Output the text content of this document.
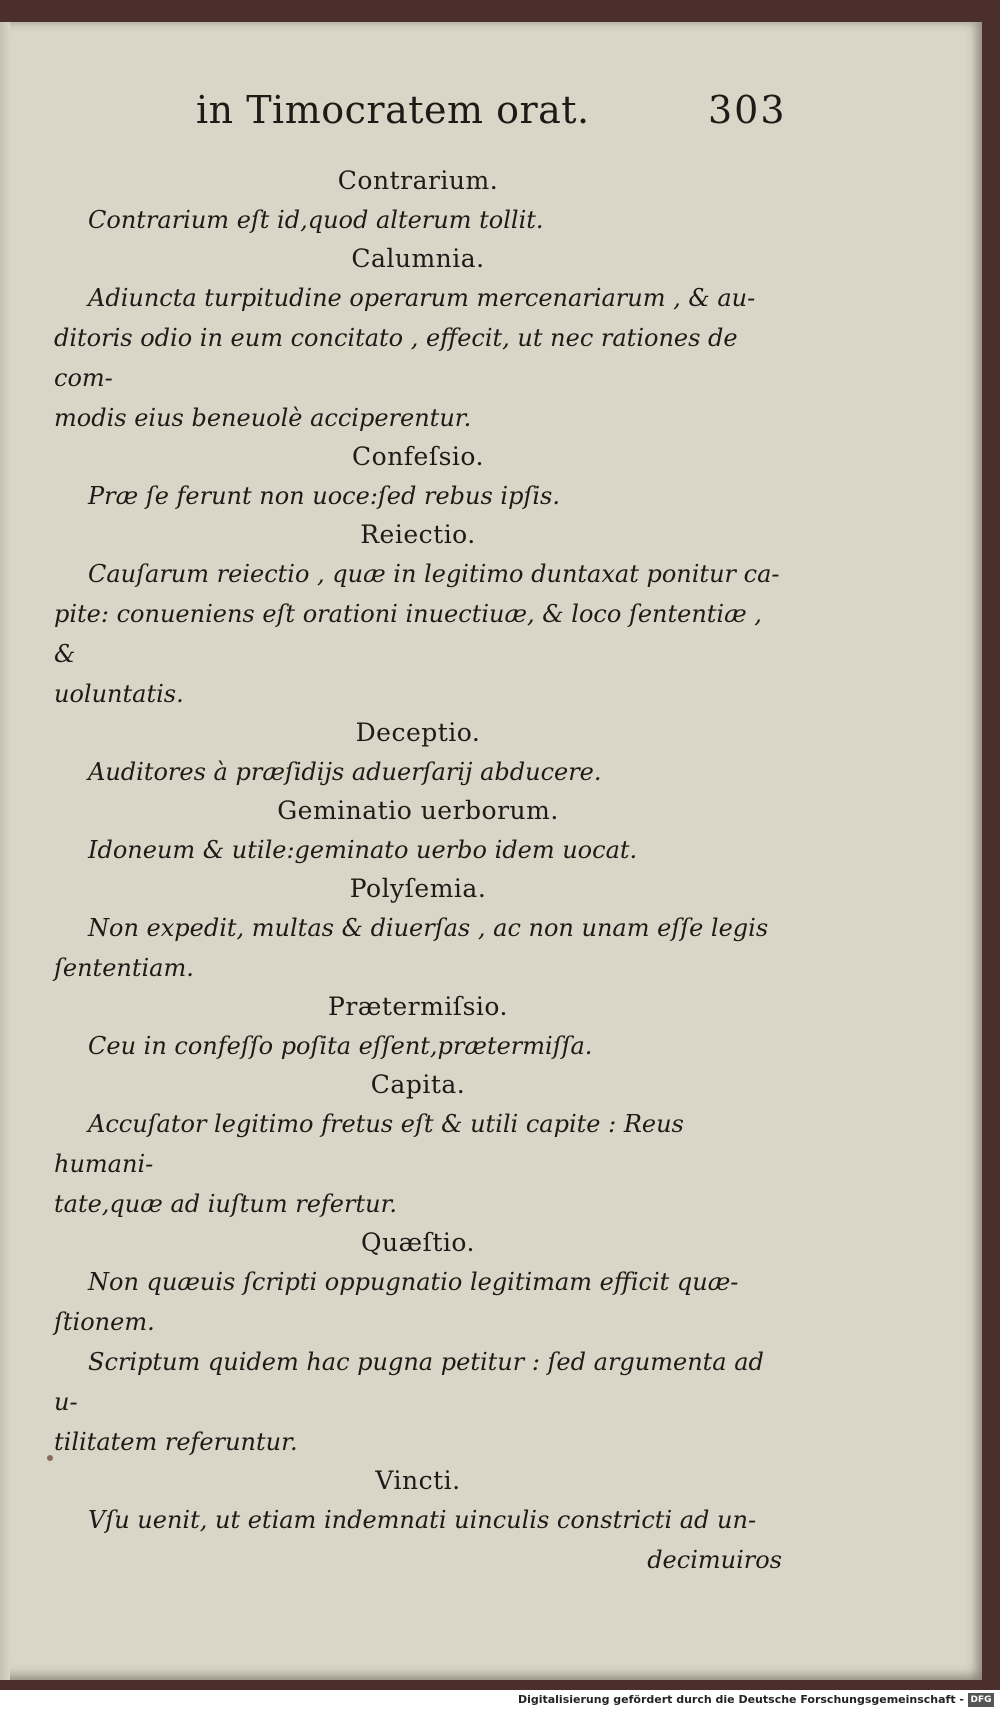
in Timocratem orat.	303
Contrarium.

Contrarium eſt id,quod alterum tollit.

Calumnia.

Adiuncta turpitudine operarum mercenariarum , & au-

ditoris odio in eum concitato , effecit, ut nec rationes de com-

modis eius beneuolè acciperentur.

Confeſsio.

Præ ſe ferunt non uoce:ſed rebus ipſis.

Reiectio.

Cauſarum reiectio , quæ in legitimo duntaxat ponitur ca-

pite: conueniens eſt orationi inuectiuæ, & loco ſententiæ , &

uoluntatis.

Deceptio.

Auditores à præſidijs aduerſarij abducere.

Geminatio uerborum.

Idoneum & utile:geminato uerbo idem uocat.

Polyſemia.

Non expedit, multas & diuerſas , ac non unam eſſe legis

ſententiam.

Prætermiſsio.

Ceu in confeſſo poſita eſſent,prætermiſſa.

Capita.

Accuſator legitimo fretus eſt & utili capite : Reus humani-

tate,quæ ad iuſtum refertur.

Quæſtio.

Non quæuis ſcripti oppugnatio legitimam efficit quæ-

ſtionem.

Scriptum quidem hac pugna petitur : ſed argumenta ad u-

tilitatem referuntur.

Vincti.

Vſu uenit, ut etiam indemnati uinculis constricti ad un-

decimuiros
Digitalisierung gefördert durch die Deutsche Forschungsgemeinschaft - DFG
